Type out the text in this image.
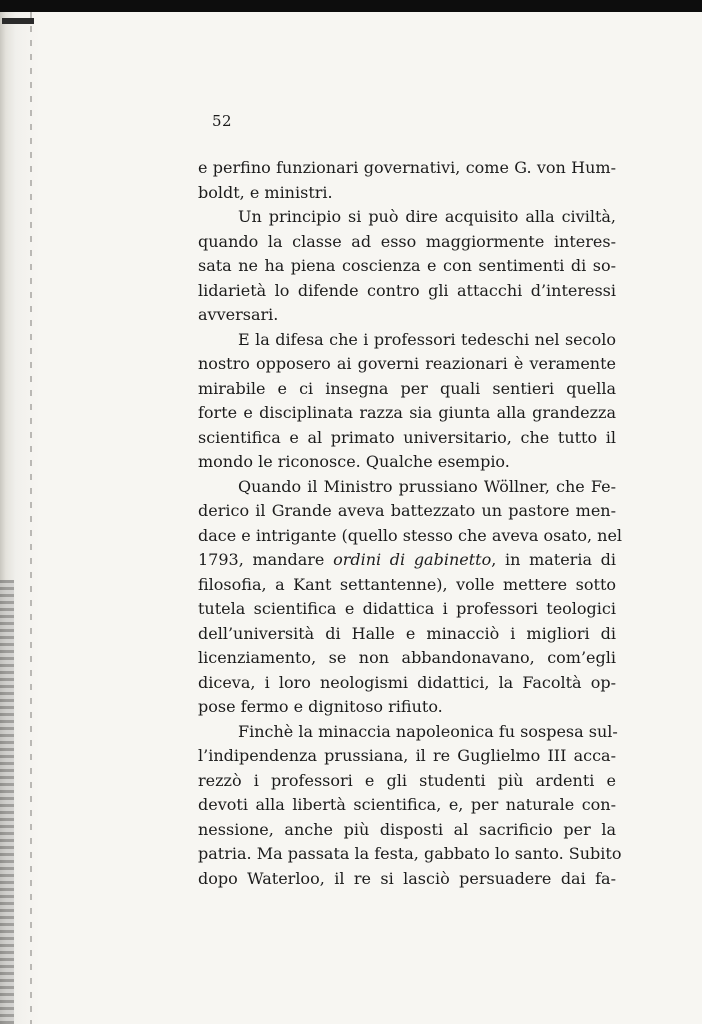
52
e perfino funzionari governativi, come G. von Hum-
boldt, e ministri.
Un principio si può dire acquisito alla civiltà,
quando la classe ad esso maggiormente interes-
sata ne ha piena coscienza e con sentimenti di so-
lidarietà lo difende contro gli attacchi d’interessi
avversari.
E la difesa che i professori tedeschi nel secolo
nostro opposero ai governi reazionari è veramente
mirabile e ci insegna per quali sentieri quella
forte e disciplinata razza sia giunta alla grandezza
scientifica e al primato universitario, che tutto il
mondo le riconosce. Qualche esempio.
Quando il Ministro prussiano Wöllner, che Fe-
derico il Grande aveva battezzato un pastore men-
dace e intrigante (quello stesso che aveva osato, nel
1793, mandare ordini di gabinetto, in materia di
filosofia, a Kant settantenne), volle mettere sotto
tutela scientifica e didattica i professori teologici
dell’università di Halle e minacciò i migliori di
licenziamento, se non abbandonavano, com’egli
diceva, i loro neologismi didattici, la Facoltà op-
pose fermo e dignitoso rifiuto.
Finchè la minaccia napoleonica fu sospesa sul-
l’indipendenza prussiana, il re Guglielmo III acca-
rezzò i professori e gli studenti più ardenti e
devoti alla libertà scientifica, e, per naturale con-
nessione, anche più disposti al sacrificio per la
patria. Ma passata la festa, gabbato lo santo. Subito
dopo Waterloo, il re si lasciò persuadere dai fa-
